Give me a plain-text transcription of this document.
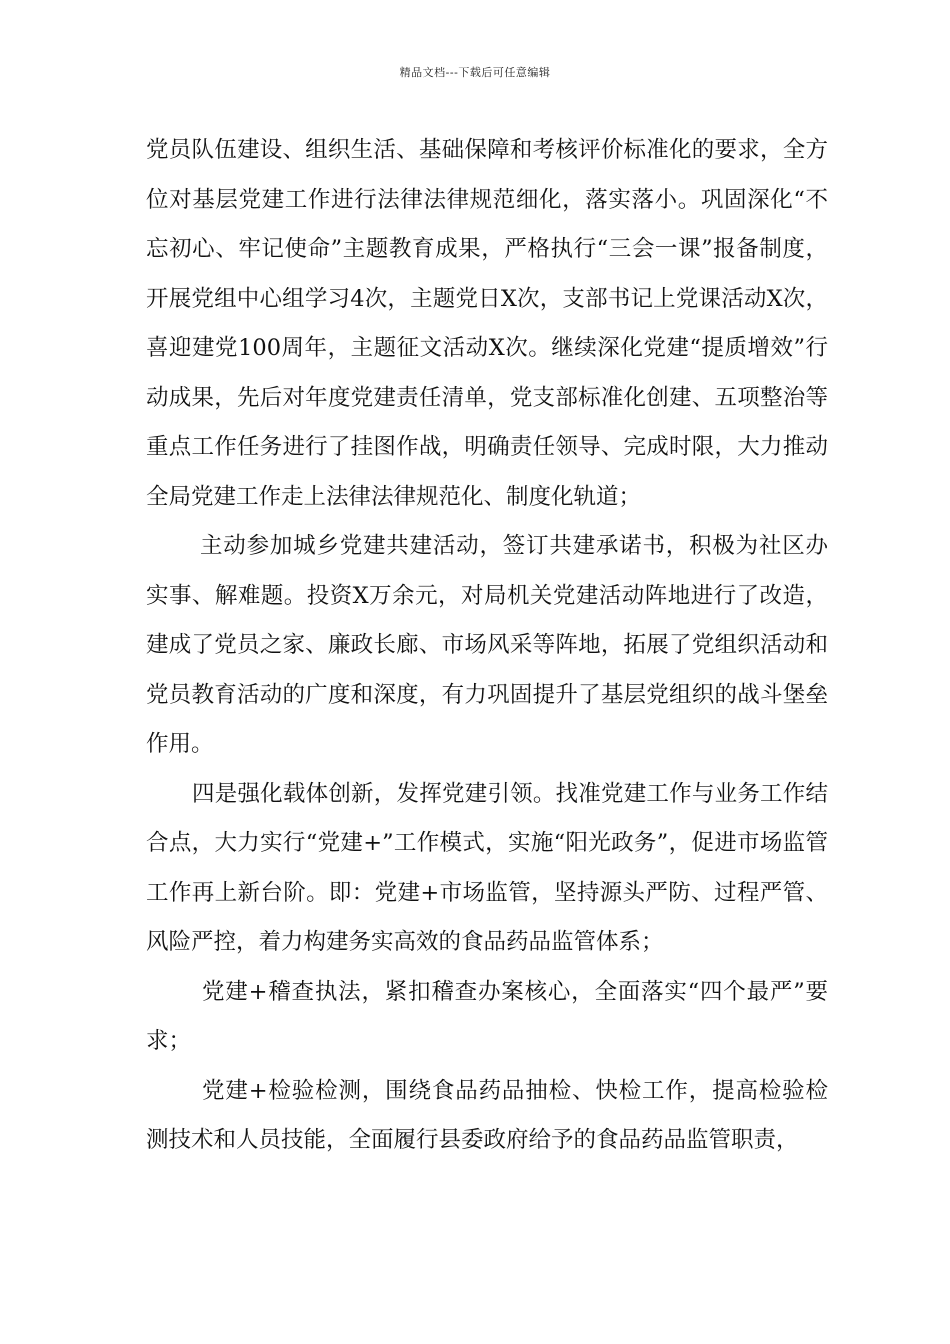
精品文档---下载后可任意编辑

党员队伍建设、组织生活、基础保障和考核评价标准化的要求，全方位对基层党建工作进行法律法律规范细化，落实落小。巩固深化“不忘初心、牢记使命”主题教育成果，严格执行“三会一课”报备制度，开展党组中心组学习4次，主题党日X次，支部书记上党课活动X次，喜迎建党100周年，主题征文活动X次。继续深化党建“提质增效”行动成果，先后对年度党建责任清单，党支部标准化创建、五项整治等重点工作任务进行了挂图作战，明确责任领导、完成时限，大力推动全局党建工作走上法律法律规范化、制度化轨道；

主动参加城乡党建共建活动，签订共建承诺书，积极为社区办实事、解难题。投资X万余元，对局机关党建活动阵地进行了改造，建成了党员之家、廉政长廊、市场风采等阵地，拓展了党组织活动和党员教育活动的广度和深度，有力巩固提升了基层党组织的战斗堡垒作用。

四是强化载体创新，发挥党建引领。找准党建工作与业务工作结合点，大力实行“党建+”工作模式，实施“阳光政务”，促进市场监管工作再上新台阶。即：党建+市场监管，坚持源头严防、过程严管、风险严控，着力构建务实高效的食品药品监管体系；

党建+稽查执法，紧扣稽查办案核心，全面落实“四个最严”要求；

党建+检验检测，围绕食品药品抽检、快检工作，提高检验检测技术和人员技能，全面履行县委政府给予的食品药品监管职责，
